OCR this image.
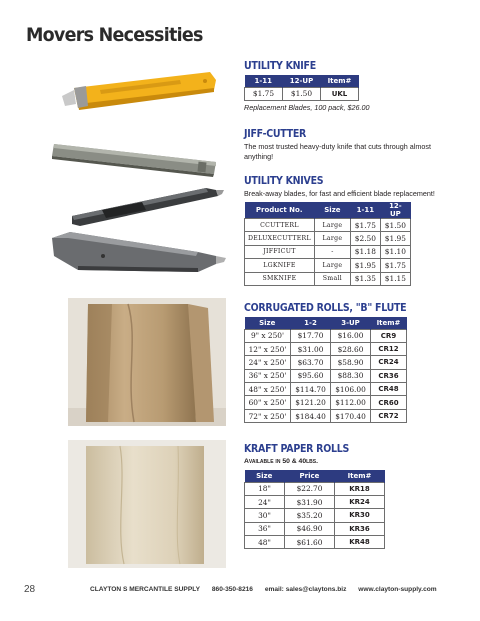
Movers Necessities
UTILITY KNIFE
1-11	12-UP	Item#
$1.75	$1.50	UKL
Replacement Blades, 100 pack, $26.00
JIFF-CUTTER
The most trusted heavy-duty knife that cuts through almost anything!
UTILITY KNIVES
Break-away blades, for fast and efficient blade replacement!
Product No.	Size	1-11	12-UP
CCUTTERL	Large	$1.75	$1.50
DELUXECUTTERL	Large	$2.50	$1.95
JIFFICUT	-	$1.18	$1.10
LGKNIFE	Large	$1.95	$1.75
SMKNIFE	Small	$1.35	$1.15
CORRUGATED ROLLS, "B" FLUTE
Size	1-2	3-UP	Item#
9" x 250'	$17.70	$16.00	CR9
12" x 250'	$31.00	$28.60	CR12
24" x 250'	$63.70	$58.90	CR24
36" x 250'	$95.60	$88.30	CR36
48" x 250'	$114.70	$106.00	CR48
60" x 250'	$121.20	$112.00	CR60
72" x 250'	$184.40	$170.40	CR72
KRAFT PAPER ROLLS
Available in 50 & 40lbs.
Size	Price	Item#
18"	$22.70	KR18
24"	$31.90	KR24
30"	$35.20	KR30
36"	$46.90	KR36
48"	$61.60	KR48
28	CLAYTON S MERCANTILE SUPPLY 860-350-8216 email: sales@claytons.biz www.clayton-supply.com
